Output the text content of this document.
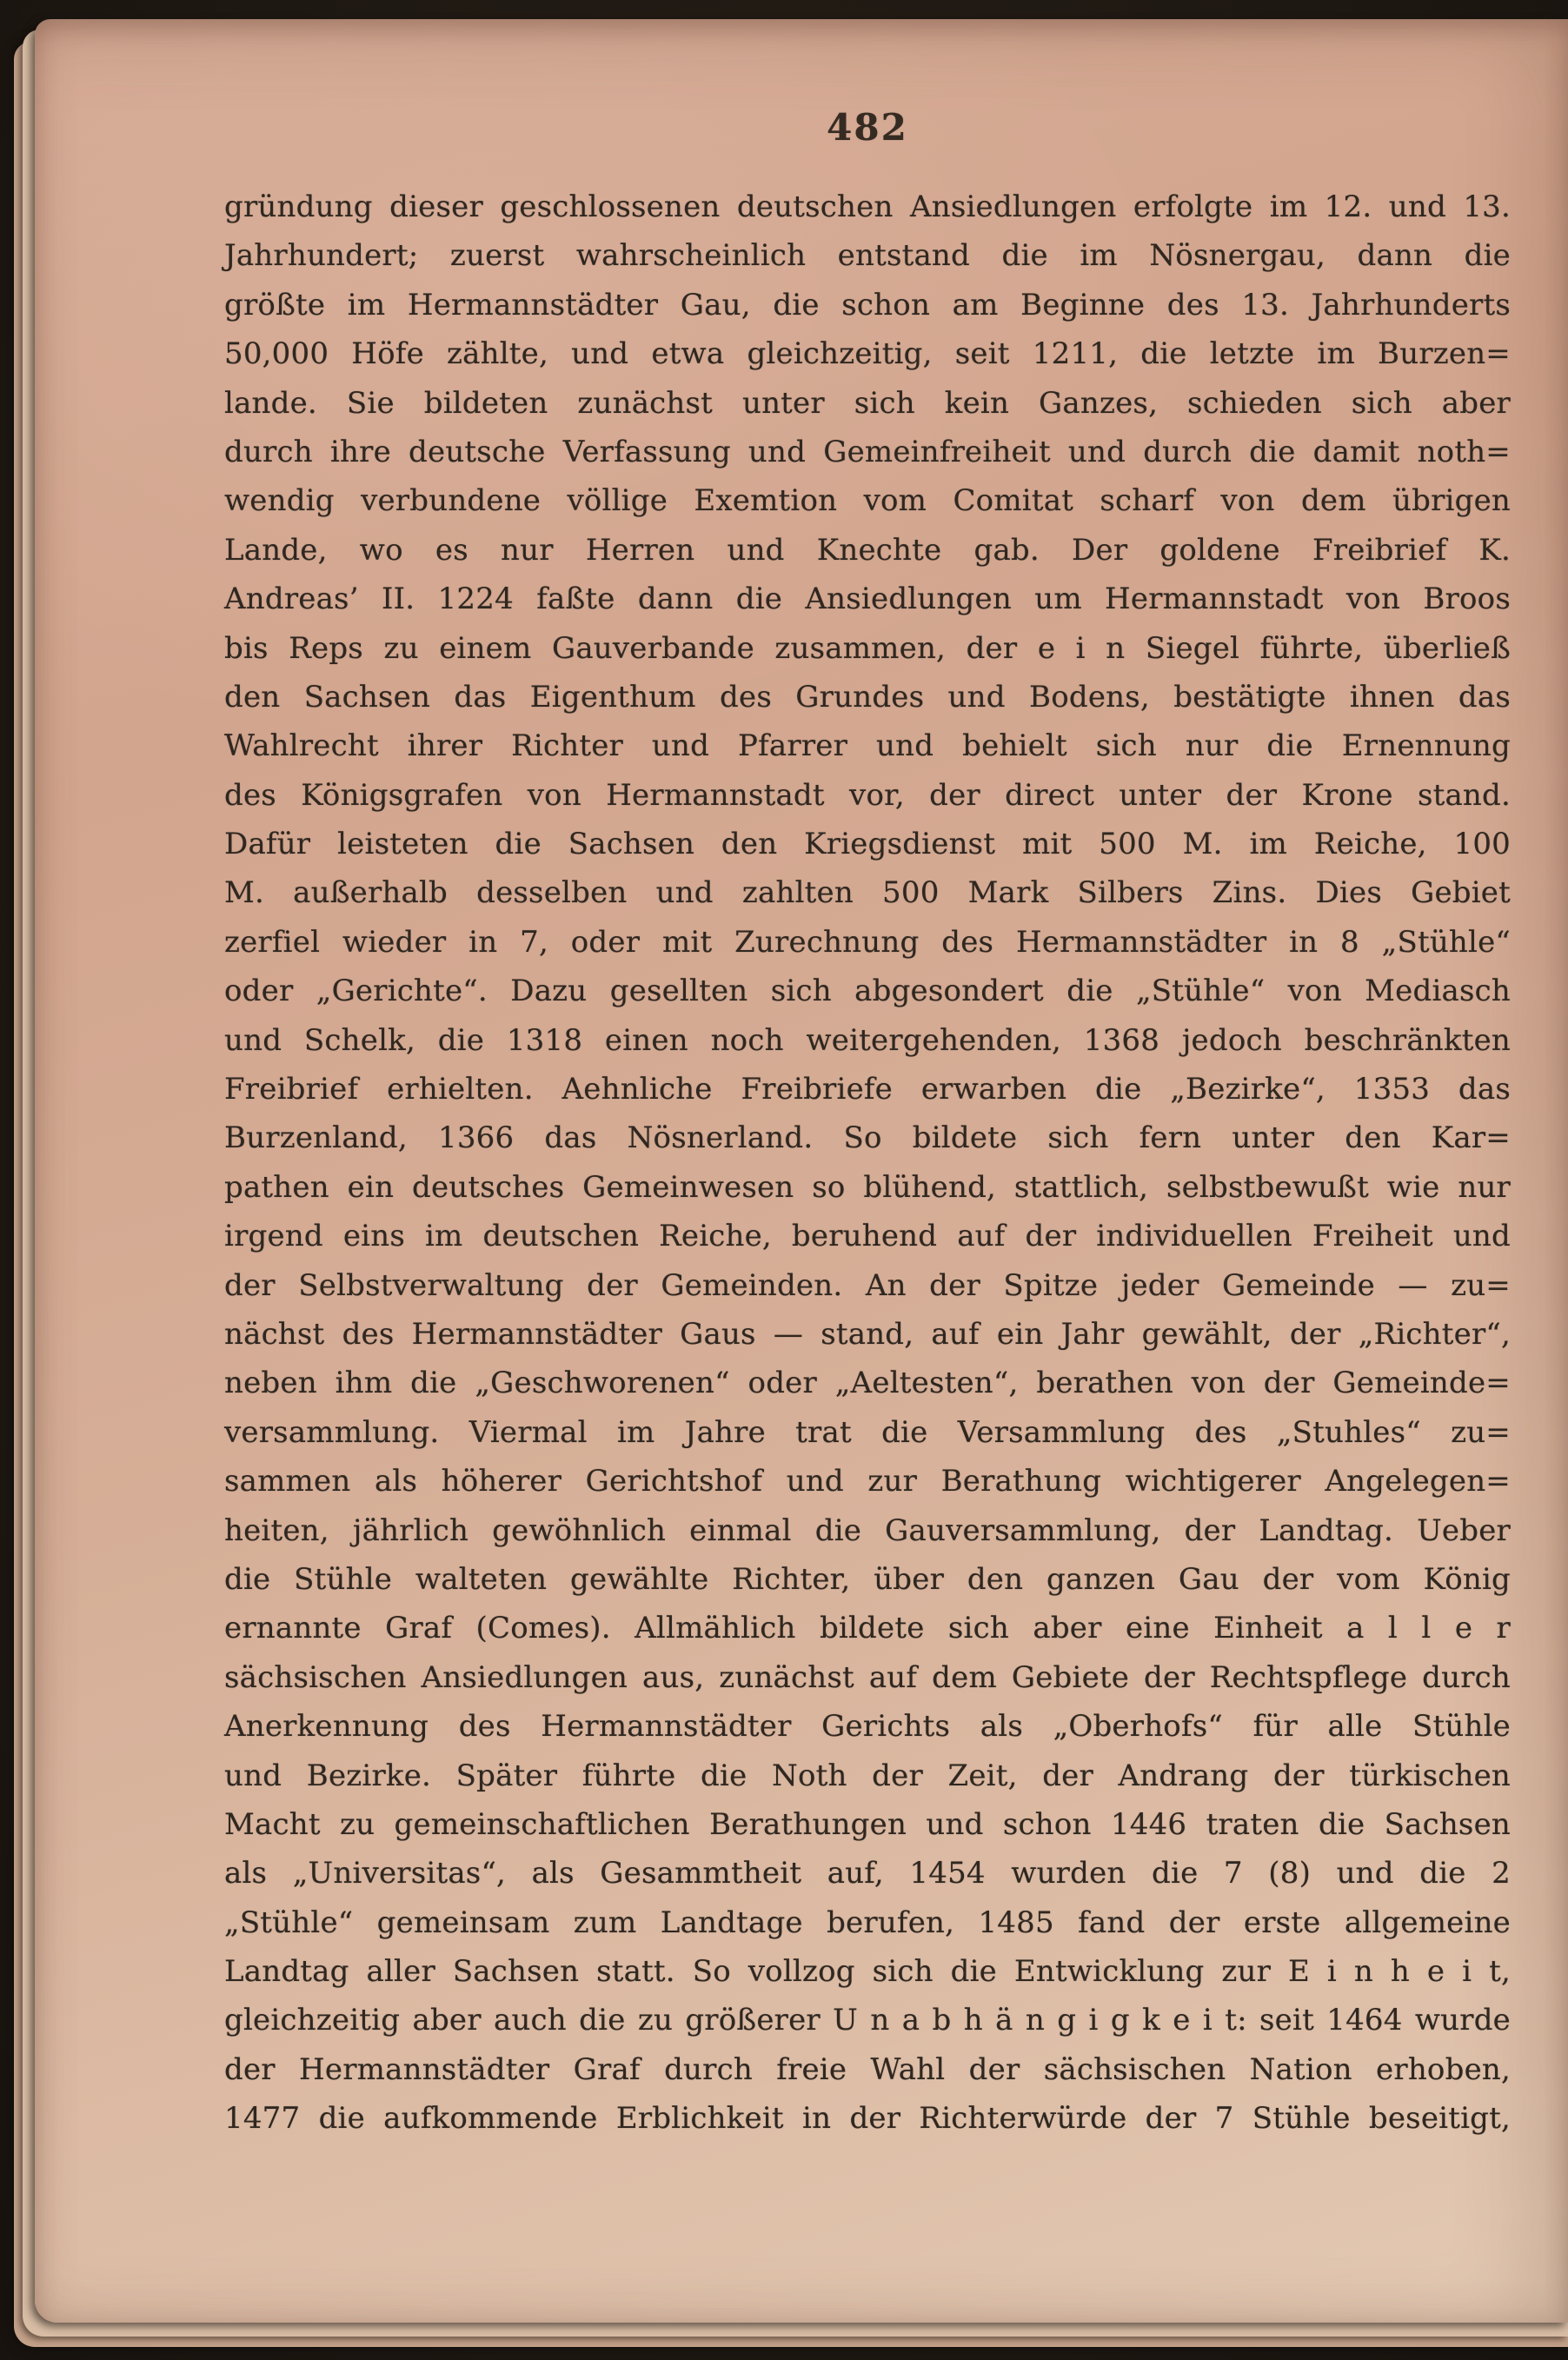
482
gründung dieser geschlossenen deutschen Ansiedlungen erfolgte im 12. und 13.
Jahrhundert; zuerst wahrscheinlich entstand die im Nösnergau, dann die
größte im Hermannstädter Gau, die schon am Beginne des 13. Jahrhunderts
50,000 Höfe zählte, und etwa gleichzeitig, seit 1211, die letzte im Burzen=
lande. Sie bildeten zunächst unter sich kein Ganzes, schieden sich aber
durch ihre deutsche Verfassung und Gemeinfreiheit und durch die damit noth=
wendig verbundene völlige Exemtion vom Comitat scharf von dem übrigen
Lande, wo es nur Herren und Knechte gab. Der goldene Freibrief K.
Andreas’ II. 1224 faßte dann die Ansiedlungen um Hermannstadt von Broos
bis Reps zu einem Gauverbande zusammen, der e i n Siegel führte, überließ
den Sachsen das Eigenthum des Grundes und Bodens, bestätigte ihnen das
Wahlrecht ihrer Richter und Pfarrer und behielt sich nur die Ernennung
des Königsgrafen von Hermannstadt vor, der direct unter der Krone stand.
Dafür leisteten die Sachsen den Kriegsdienst mit 500 M. im Reiche, 100
M. außerhalb desselben und zahlten 500 Mark Silbers Zins. Dies Gebiet
zerfiel wieder in 7, oder mit Zurechnung des Hermannstädter in 8 „Stühle“
oder „Gerichte“. Dazu gesellten sich abgesondert die „Stühle“ von Mediasch
und Schelk, die 1318 einen noch weitergehenden, 1368 jedoch beschränkten
Freibrief erhielten. Aehnliche Freibriefe erwarben die „Bezirke“, 1353 das
Burzenland, 1366 das Nösnerland. So bildete sich fern unter den Kar=
pathen ein deutsches Gemeinwesen so blühend, stattlich, selbstbewußt wie nur
irgend eins im deutschen Reiche, beruhend auf der individuellen Freiheit und
der Selbstverwaltung der Gemeinden. An der Spitze jeder Gemeinde — zu=
nächst des Hermannstädter Gaus — stand, auf ein Jahr gewählt, der „Richter“,
neben ihm die „Geschworenen“ oder „Aeltesten“, berathen von der Gemeinde=
versammlung. Viermal im Jahre trat die Versammlung des „Stuhles“ zu=
sammen als höherer Gerichtshof und zur Berathung wichtigerer Angelegen=
heiten, jährlich gewöhnlich einmal die Gauversammlung, der Landtag. Ueber
die Stühle walteten gewählte Richter, über den ganzen Gau der vom König
ernannte Graf (Comes). Allmählich bildete sich aber eine Einheit a l l e r
sächsischen Ansiedlungen aus, zunächst auf dem Gebiete der Rechtspflege durch
Anerkennung des Hermannstädter Gerichts als „Oberhofs“ für alle Stühle
und Bezirke. Später führte die Noth der Zeit, der Andrang der türkischen
Macht zu gemeinschaftlichen Berathungen und schon 1446 traten die Sachsen
als „Universitas“, als Gesammtheit auf, 1454 wurden die 7 (8) und die 2
„Stühle“ gemeinsam zum Landtage berufen, 1485 fand der erste allgemeine
Landtag aller Sachsen statt. So vollzog sich die Entwicklung zur E i n h e i t,
gleichzeitig aber auch die zu größerer U n a b h ä n g i g k e i t: seit 1464 wurde
der Hermannstädter Graf durch freie Wahl der sächsischen Nation erhoben,
1477 die aufkommende Erblichkeit in der Richterwürde der 7 Stühle beseitigt,
